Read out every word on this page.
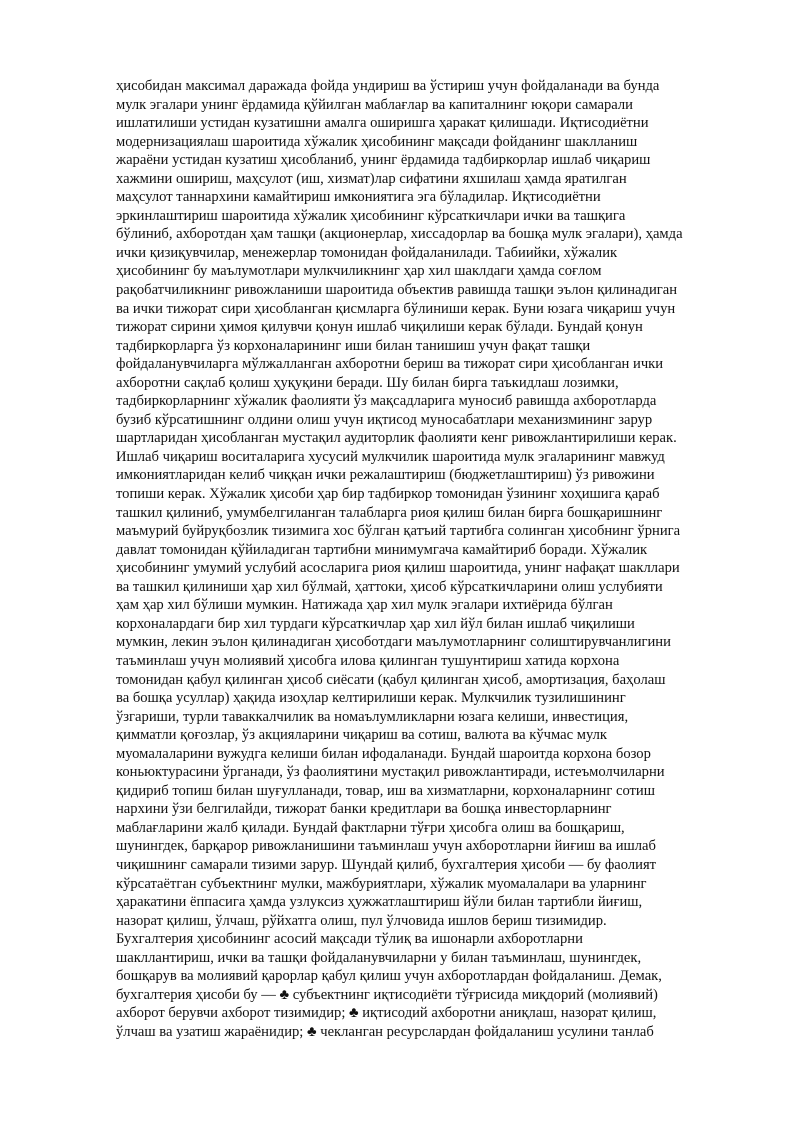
ҳисобидан максимал даражада фойда ундириш ва ўстириш учун фойдаланади ва бунда
мулк эгалари унинг ёрдамида қўйилган маблағлар ва капиталнинг юқори самарали
ишлатилиши устидан кузатишни амалга оширишга ҳаракат қилишади. Иқтисодиётни
модернизациялаш шароитида хўжалик ҳисобининг мақсади фойданинг шаклланиш
жараёни устидан кузатиш ҳисобланиб, унинг ёрдамида тадбиркорлар ишлаб чиқариш
хажмини ошириш, маҳсулот (иш, хизмат)лар сифатини яхшилаш ҳамда яратилган
маҳсулот таннархини камайтириш имкониятига эга бўладилар. Иқтисодиётни
эркинлаштириш шароитида хўжалик ҳисобининг кўрсаткичлари ички ва ташқига
бўлиниб, ахборотдан ҳам ташқи (акционерлар, хиссадорлар ва бошқа мулк эгалари), ҳамда
ички қизиқувчилар, менежерлар томонидан фойдаланилади. Табиийки, хўжалик
ҳисобининг бу маълумотлари мулкчиликнинг ҳар хил шаклдаги ҳамда соғлом
рақобатчиликнинг ривожланиши шароитида объектив равишда ташқи эълон қилинадиган
ва ички тижорат сири ҳисобланган қисмларга бўлиниши керак. Буни юзага чиқариш учун
тижорат сирини ҳимоя қилувчи қонун ишлаб чиқилиши керак бўлади. Бундай қонун
тадбиркорларга ўз корхоналарининг иши билан танишиш учун фақат ташқи
фойдаланувчиларга мўлжалланган ахборотни бериш ва тижорат сири ҳисобланган ички
ахборотни сақлаб қолиш ҳуқуқини беради. Шу билан бирга таъкидлаш лозимки,
тадбиркорларнинг хўжалик фаолияти ўз мақсадларига муносиб равишда ахборотларда
бузиб кўрсатишнинг олдини олиш учун иқтисод муносабатлари механизмининг зарур
шартларидан ҳисобланган мустақил аудиторлик фаолияти кенг ривожлантирилиши керак.
Ишлаб чиқариш воситаларига хусусий мулкчилик шароитида мулк эгаларининг мавжуд
имкониятларидан келиб чиққан ички режалаштириш (бюджетлаштириш) ўз ривожини
топиши керак. Хўжалик ҳисоби ҳар бир тадбиркор томонидан ўзининг хоҳишига қараб
ташкил қилиниб, умумбелгиланган талабларга риоя қилиш билан бирга бошқаришнинг
маъмурий буйруқбозлик тизимига хос бўлган қатъий тартибга солинган ҳисобнинг ўрнига
давлат томонидан қўйиладиган тартибни минимумгача камайтириб боради. Хўжалик
ҳисобининг умумий услубий асосларига риоя қилиш шароитида, унинг нафақат шакллари
ва ташкил қилиниши ҳар хил бўлмай, ҳаттоки, ҳисоб кўрсаткичларини олиш услубияти
ҳам ҳар хил бўлиши мумкин. Натижада ҳар хил мулк эгалари ихтиёрида бўлган
корхоналардаги бир хил турдаги кўрсаткичлар ҳар хил йўл билан ишлаб чиқилиши
мумкин, лекин эълон қилинадиган ҳисоботдаги маълумотларнинг солиштирувчанлигини
таъминлаш учун молиявий ҳисобга илова қилинган тушунтириш хатида корхона
томонидан қабул қилинган ҳисоб сиёсати (қабул қилинган ҳисоб, амортизация, баҳолаш
ва бошқа усуллар) ҳақида изоҳлар келтирилиши керак. Мулкчилик тузилишининг
ўзгариши, турли таваккалчилик ва номаълумликларни юзага келиши, инвестиция,
қимматли қоғозлар, ўз акцияларини чиқариш ва сотиш, валюта ва кўчмас мулк
муомалаларини вужудга келиши билан ифодаланади. Бундай шароитда корхона бозор
коньюктурасини ўрганади, ўз фаолиятини мустақил ривожлантиради, истеъмолчиларни
қидириб топиш билан шуғулланади, товар, иш ва хизматларни, корхоналарнинг сотиш
нархини ўзи белгилайди, тижорат банки кредитлари ва бошқа инвесторларнинг
маблағларини жалб қилади. Бундай фактларни тўғри ҳисобга олиш ва бошқариш,
шунингдек, барқарор ривожланишини таъминлаш учун ахборотларни йиғиш ва ишлаб
чиқишнинг самарали тизими зарур. Шундай қилиб, бухгалтерия ҳисоби — бу фаолият
кўрсатаётган субъектнинг мулки, мажбуриятлари, хўжалик муомалалари ва уларнинг
ҳаракатини ёппасига ҳамда узлуксиз ҳужжатлаштириш йўли билан тартибли йиғиш,
назорат қилиш, ўлчаш, рўйхатга олиш, пул ўлчовида ишлов бериш тизимидир.
Бухгалтерия ҳисобининг асосий мақсади тўлиқ ва ишонарли ахборотларни
шакллантириш, ички ва ташқи фойдаланувчиларни у билан таъминлаш, шунингдек,
бошқарув ва молиявий қарорлар қабул қилиш учун ахборотлардан фойдаланиш. Демак,
бухгалтерия ҳисоби бу — ♣ субъектнинг иқтисодиёти тўғрисида миқдорий (молиявий)
ахборот берувчи ахборот тизимидир; ♣ иқтисодий ахборотни аниқлаш, назорат қилиш,
ўлчаш ва узатиш жараёнидир; ♣ чекланган ресурслардан фойдаланиш усулини танлаб
